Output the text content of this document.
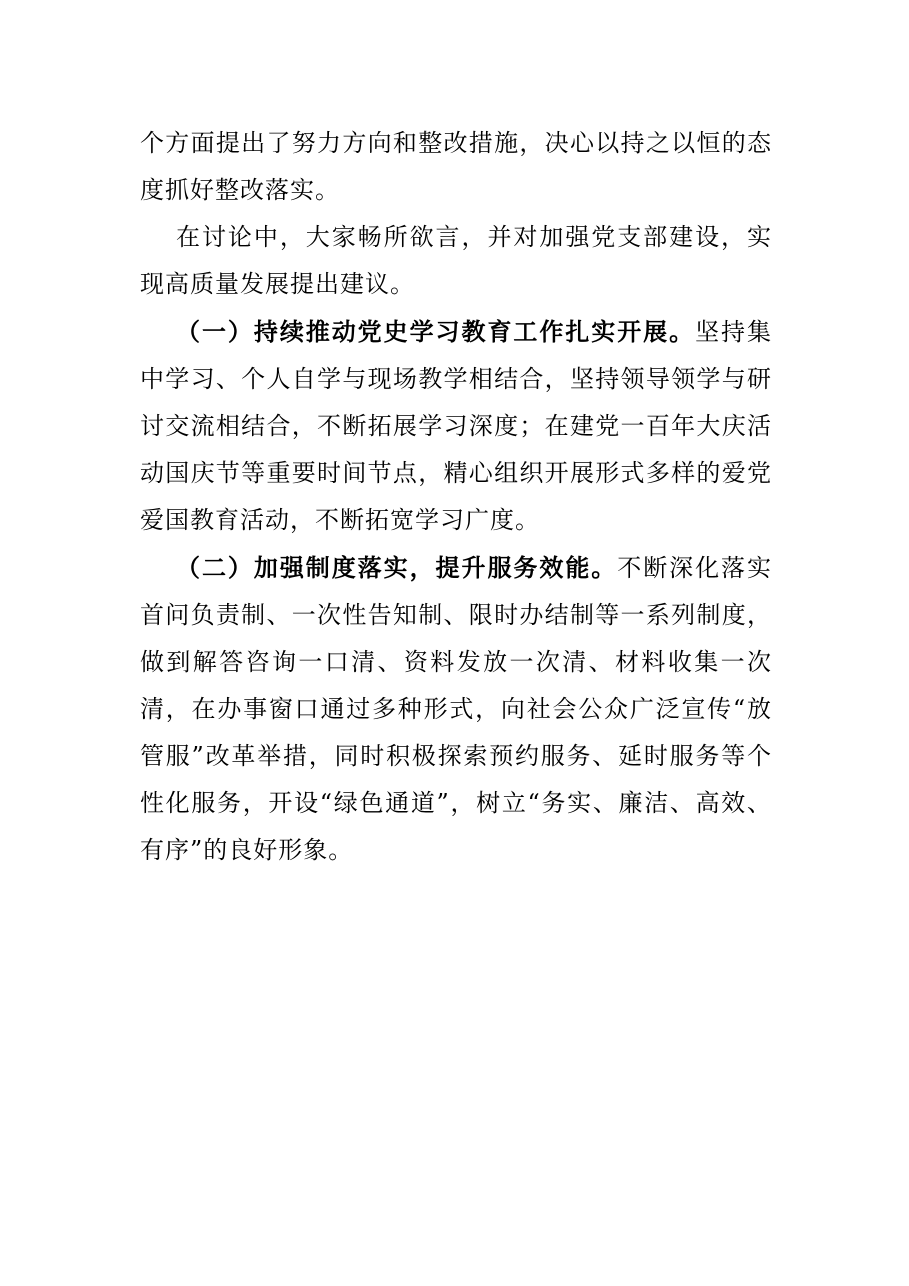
个方面提出了努力方向和整改措施，决心以持之以恒的态度抓好整改落实。

在讨论中，大家畅所欲言，并对加强党支部建设，实现高质量发展提出建议。

（一）持续推动党史学习教育工作扎实开展。坚持集中学习、个人自学与现场教学相结合，坚持领导领学与研讨交流相结合，不断拓展学习深度；在建党一百年大庆活动国庆节等重要时间节点，精心组织开展形式多样的爱党爱国教育活动，不断拓宽学习广度。

（二）加强制度落实，提升服务效能。不断深化落实首问负责制、一次性告知制、限时办结制等一系列制度，做到解答咨询一口清、资料发放一次清、材料收集一次清，在办事窗口通过多种形式，向社会公众广泛宣传“放管服”改革举措，同时积极探索预约服务、延时服务等个性化服务，开设“绿色通道”，树立“务实、廉洁、高效、有序”的良好形象。
